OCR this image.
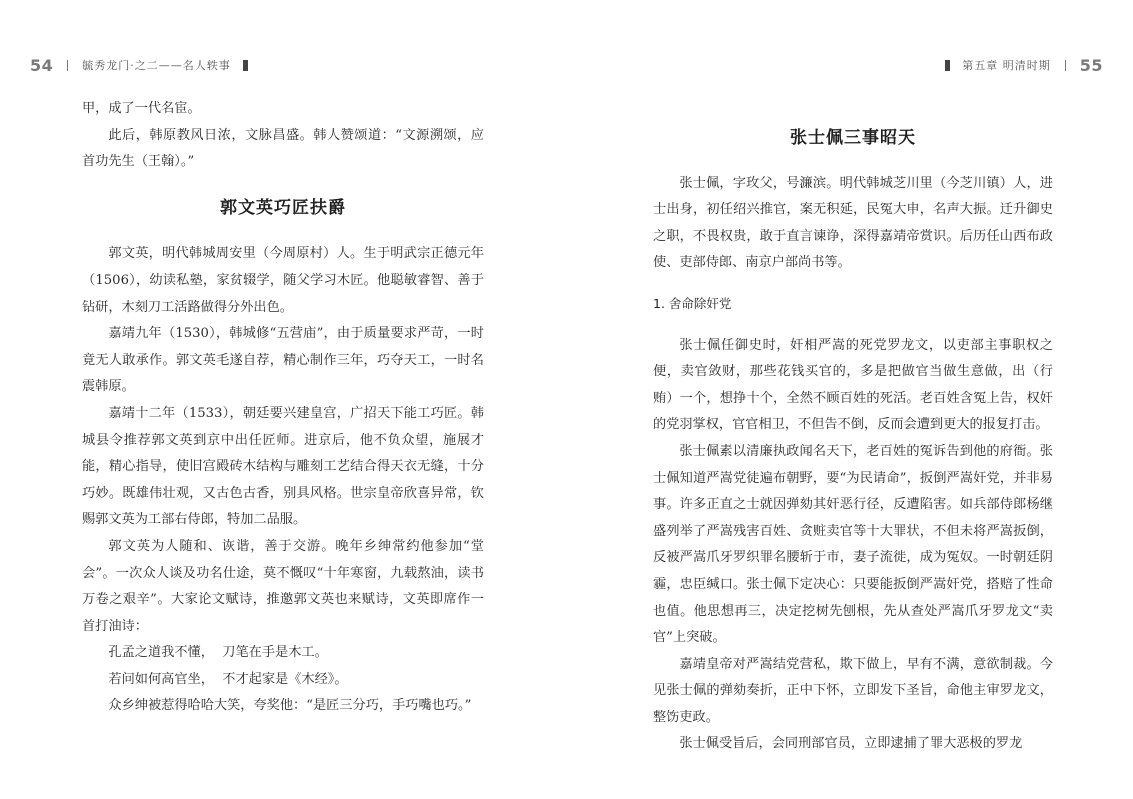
54	毓秀龙门·之二——名人轶事	第五章 明清时期 55

甲，成了一代名宦。

此后，韩原教风日浓，文脉昌盛。韩人赞颂道：“文源溯颂，应首功先生（王翰）。”

郭文英巧匠扶爵

郭文英，明代韩城周安里（今周原村）人。生于明武宗正德元年（1506），幼读私塾，家贫辍学，随父学习木匠。他聪敏睿智、善于钻研，木刻刀工活路做得分外出色。

嘉靖九年（1530），韩城修“五营庙”，由于质量要求严苛，一时竟无人敢承作。郭文英毛遂自荐，精心制作三年，巧夺天工，一时名震韩原。

嘉靖十二年（1533），朝廷要兴建皇宫，广招天下能工巧匠。韩城县令推荐郭文英到京中出任匠师。进京后，他不负众望，施展才能，精心指导，使旧宫殿砖木结构与雕刻工艺结合得天衣无缝，十分巧妙。既雄伟壮观，又古色古香，别具风格。世宗皇帝欣喜异常，钦赐郭文英为工部右侍郎，特加二品服。

郭文英为人随和、诙谐，善于交游。晚年乡绅常约他参加“堂会”。一次众人谈及功名仕途，莫不慨叹“十年寒窗，九载熬油，读书万卷之艰辛”。大家论文赋诗，推邀郭文英也来赋诗，文英即席作一首打油诗：

孔孟之道我不懂，  刀笔在手是木工。

若问如何高官坐，  不才起家是《木经》。

众乡绅被惹得哈哈大笑，夸奖他：“是匠三分巧，手巧嘴也巧。”

张士佩三事昭天

张士佩，字玫父，号濂滨。明代韩城芝川里（今芝川镇）人，进士出身，初任绍兴推官，案无积延，民冤大申，名声大振。迁升御史之职，不畏权贵，敢于直言谏诤，深得嘉靖帝赏识。后历任山西布政使、吏部侍郎、南京户部尚书等。

1. 舍命除奸党

张士佩任御史时，奸相严嵩的死党罗龙文，以吏部主事职权之便，卖官敛财，那些花钱买官的，多是把做官当做生意做，出（行贿）一个，想挣十个，全然不顾百姓的死活。老百姓含冤上告，权奸的党羽掌权，官官相卫，不但告不倒，反而会遭到更大的报复打击。

张士佩素以清廉执政闻名天下，老百姓的冤诉告到他的府衙。张士佩知道严嵩党徒遍布朝野，要“为民请命”，扳倒严嵩奸党，并非易事。许多正直之士就因弹劾其奸恶行径，反遭陷害。如兵部侍郎杨继盛列举了严嵩残害百姓、贪赃卖官等十大罪状，不但未将严嵩扳倒，反被严嵩爪牙罗织罪名腰斩于市，妻子流徙，成为冤奴。一时朝廷阴霾，忠臣缄口。张士佩下定决心：只要能扳倒严嵩奸党，搭赔了性命也值。他思想再三，决定挖树先刨根，先从查处严嵩爪牙罗龙文“卖官”上突破。

嘉靖皇帝对严嵩结党营私，欺下做上，早有不满，意欲制裁。今见张士佩的弹劾奏折，正中下怀，立即发下圣旨，命他主审罗龙文，整饬吏政。

张士佩受旨后，会同刑部官员，立即逮捕了罪大恶极的罗龙
